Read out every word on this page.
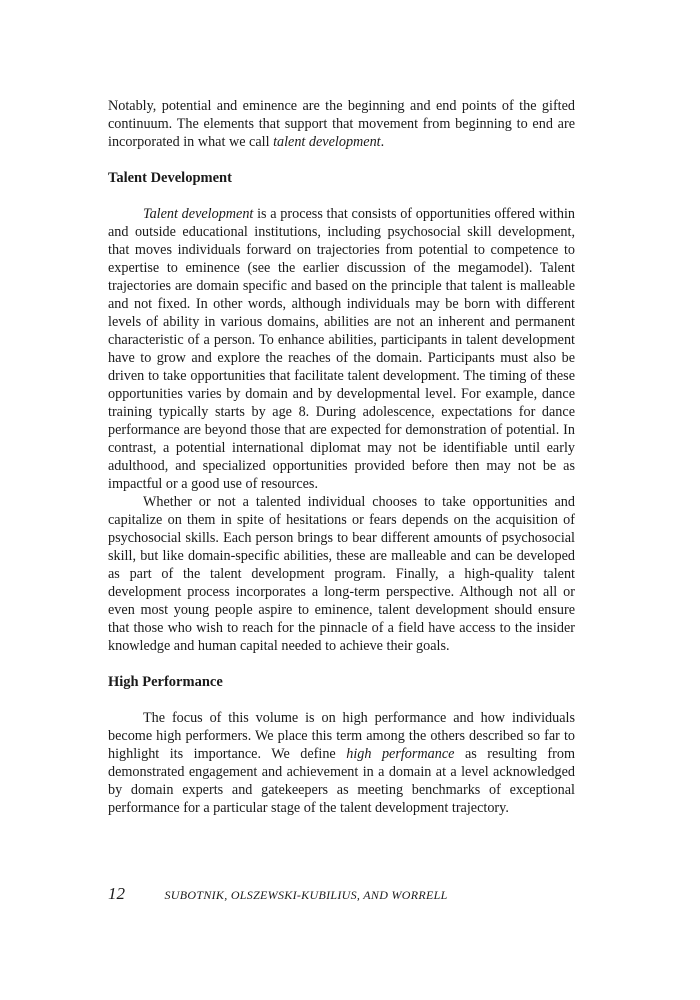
Notably, potential and eminence are the beginning and end points of the gifted continuum. The elements that support that movement from beginning to end are incorporated in what we call talent development.

Talent Development

Talent development is a process that consists of opportunities offered within and outside educational institutions, including psychosocial skill development, that moves individuals forward on trajectories from potential to competence to expertise to eminence (see the earlier discussion of the megamodel). Talent trajectories are domain specific and based on the principle that talent is malleable and not fixed. In other words, although individuals may be born with different levels of ability in various domains, abilities are not an inherent and permanent characteristic of a person. To enhance abilities, participants in talent development have to grow and explore the reaches of the domain. Participants must also be driven to take opportunities that facilitate talent development. The timing of these opportunities varies by domain and by developmental level. For example, dance training typically starts by age 8. During adolescence, expectations for dance performance are beyond those that are expected for demonstration of potential. In contrast, a potential international diplomat may not be identifiable until early adulthood, and specialized opportunities provided before then may not be as impactful or a good use of resources.

Whether or not a talented individual chooses to take opportunities and capitalize on them in spite of hesitations or fears depends on the acquisition of psychosocial skills. Each person brings to bear different amounts of psychosocial skill, but like domain-specific abilities, these are malleable and can be developed as part of the talent development program. Finally, a high-quality talent development process incorporates a long-term perspective. Although not all or even most young people aspire to eminence, talent development should ensure that those who wish to reach for the pinnacle of a field have access to the insider knowledge and human capital needed to achieve their goals.

High Performance

The focus of this volume is on high performance and how individuals become high performers. We place this term among the others described so far to highlight its importance. We define high performance as resulting from demonstrated engagement and achievement in a domain at a level acknowledged by domain experts and gatekeepers as meeting benchmarks of exceptional performance for a particular stage of the talent development trajectory.

12	SUBOTNIK, OLSZEWSKI-KUBILIUS, AND WORRELL
